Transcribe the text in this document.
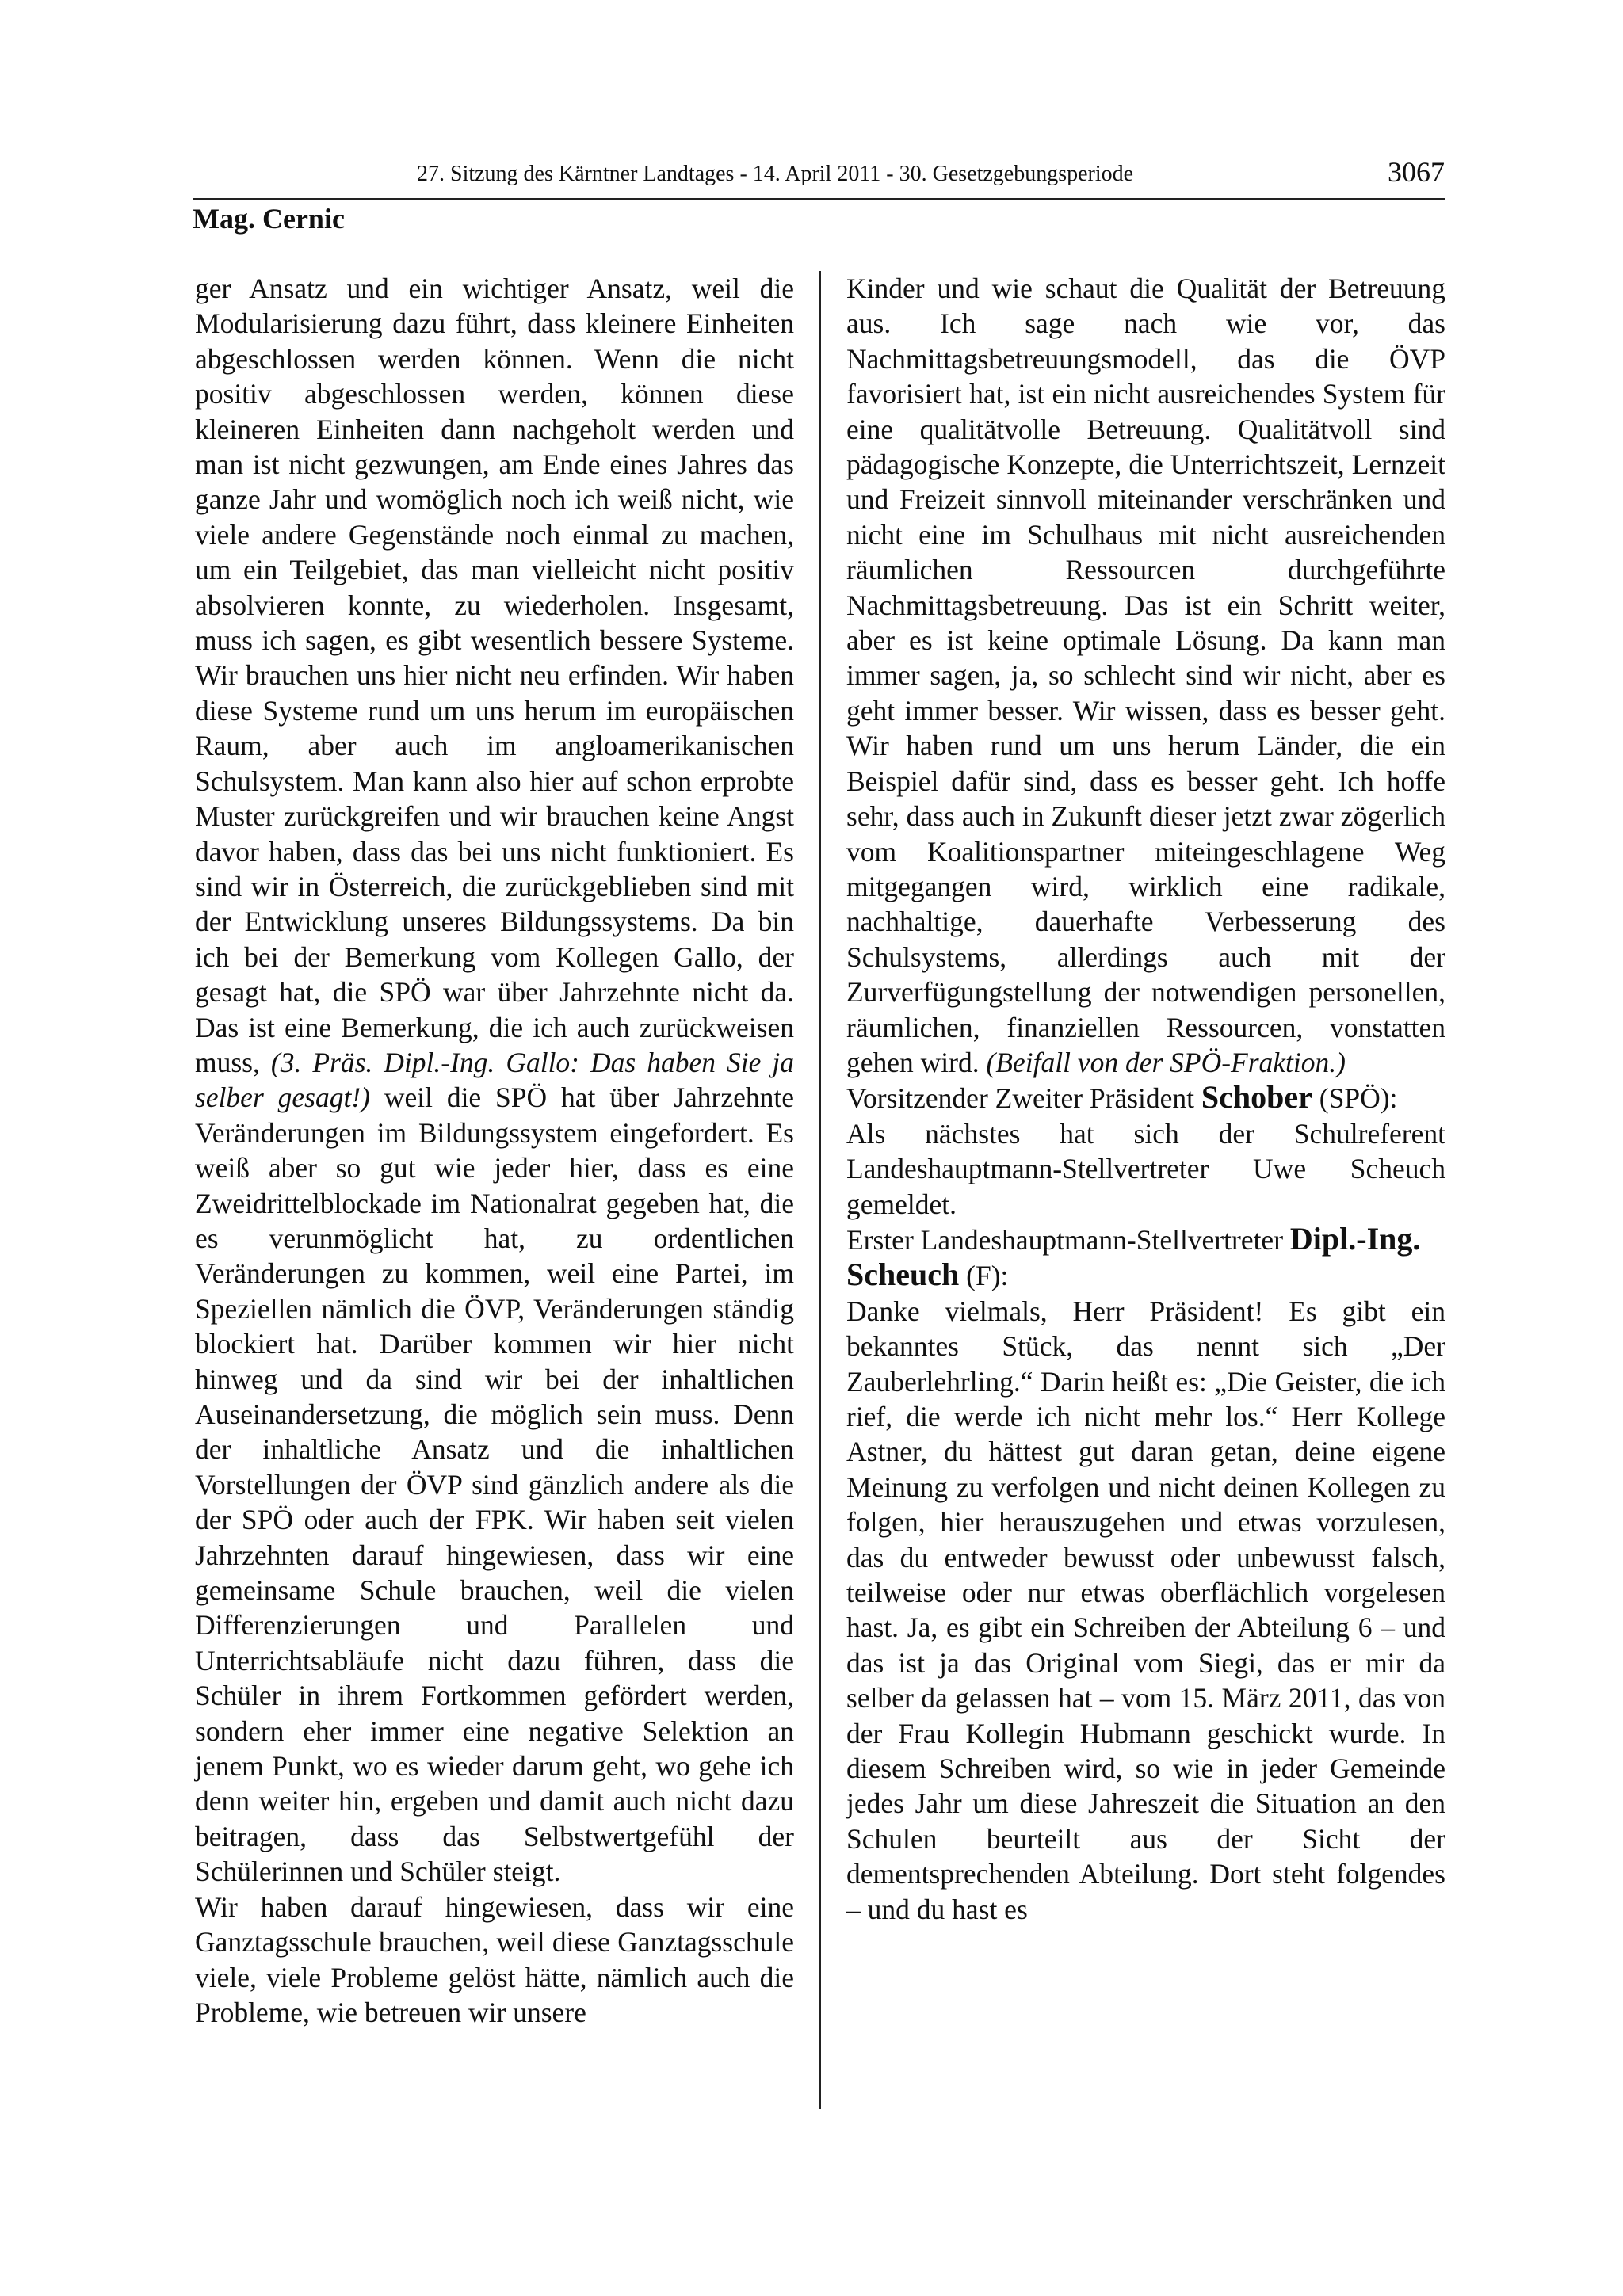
27. Sitzung des Kärntner Landtages - 14. April 2011 - 30. Gesetzgebungsperiode	3067
Mag. Cernic

ger Ansatz und ein wichtiger Ansatz, weil die Modularisierung dazu führt, dass kleinere Einheiten abgeschlossen werden können. Wenn die nicht positiv abgeschlossen werden, können diese kleineren Einheiten dann nachgeholt werden und man ist nicht gezwungen, am Ende eines Jahres das ganze Jahr und womöglich noch ich weiß nicht, wie viele andere Gegenstände noch einmal zu machen, um ein Teilgebiet, das man vielleicht nicht positiv absolvieren konnte, zu wiederholen. Insgesamt, muss ich sagen, es gibt wesentlich bessere Systeme. Wir brauchen uns hier nicht neu erfinden. Wir haben diese Systeme rund um uns herum im europäischen Raum, aber auch im angloamerikanischen Schulsystem. Man kann also hier auf schon erprobte Muster zurückgreifen und wir brauchen keine Angst davor haben, dass das bei uns nicht funktioniert. Es sind wir in Österreich, die zurückgeblieben sind mit der Entwicklung unseres Bildungssystems. Da bin ich bei der Bemerkung vom Kollegen Gallo, der gesagt hat, die SPÖ war über Jahrzehnte nicht da. Das ist eine Bemerkung, die ich auch zurückweisen muss, (3. Präs. Dipl.-Ing. Gallo: Das haben Sie ja selber gesagt!) weil die SPÖ hat über Jahrzehnte Veränderungen im Bildungssystem eingefordert. Es weiß aber so gut wie jeder hier, dass es eine Zweidrittelblockade im Nationalrat gegeben hat, die es verunmöglicht hat, zu ordentlichen Veränderungen zu kommen, weil eine Partei, im Speziellen nämlich die ÖVP, Veränderungen ständig blockiert hat. Darüber kommen wir hier nicht hinweg und da sind wir bei der inhaltlichen Auseinandersetzung, die möglich sein muss. Denn der inhaltliche Ansatz und die inhaltlichen Vorstellungen der ÖVP sind gänzlich andere als die der SPÖ oder auch der FPK. Wir haben seit vielen Jahrzehnten darauf hingewiesen, dass wir eine gemeinsame Schule brauchen, weil die vielen Differenzierungen und Parallelen und Unterrichtsabläufe nicht dazu führen, dass die Schüler in ihrem Fortkommen gefördert werden, sondern eher immer eine negative Selektion an jenem Punkt, wo es wieder darum geht, wo gehe ich denn weiter hin, ergeben und damit auch nicht dazu beitragen, dass das Selbstwertgefühl der Schülerinnen und Schüler steigt.

Wir haben darauf hingewiesen, dass wir eine Ganztagsschule brauchen, weil diese Ganztagsschule viele, viele Probleme gelöst hätte, nämlich auch die Probleme, wie betreuen wir unsere

Kinder und wie schaut die Qualität der Betreuung aus. Ich sage nach wie vor, das Nachmittagsbetreuungsmodell, das die ÖVP favorisiert hat, ist ein nicht ausreichendes System für eine qualitätvolle Betreuung. Qualitätvoll sind pädagogische Konzepte, die Unterrichtszeit, Lernzeit und Freizeit sinnvoll miteinander verschränken und nicht eine im Schulhaus mit nicht ausreichenden räumlichen Ressourcen durchgeführte Nachmittagsbetreuung. Das ist ein Schritt weiter, aber es ist keine optimale Lösung. Da kann man immer sagen, ja, so schlecht sind wir nicht, aber es geht immer besser. Wir wissen, dass es besser geht. Wir haben rund um uns herum Länder, die ein Beispiel dafür sind, dass es besser geht. Ich hoffe sehr, dass auch in Zukunft dieser jetzt zwar zögerlich vom Koalitionspartner miteingeschlagene Weg mitgegangen wird, wirklich eine radikale, nachhaltige, dauerhafte Verbesserung des Schulsystems, allerdings auch mit der Zurverfügungstellung der notwendigen personellen, räumlichen, finanziellen Ressourcen, vonstatten gehen wird. (Beifall von der SPÖ-Fraktion.)

Vorsitzender Zweiter Präsident Schober (SPÖ):

Als nächstes hat sich der Schulreferent Landeshauptmann-Stellvertreter Uwe Scheuch gemeldet.

Erster Landeshauptmann-Stellvertreter Dipl.-Ing. Scheuch (F):

Danke vielmals, Herr Präsident! Es gibt ein bekanntes Stück, das nennt sich „Der Zauberlehrling.“ Darin heißt es: „Die Geister, die ich rief, die werde ich nicht mehr los.“ Herr Kollege Astner, du hättest gut daran getan, deine eigene Meinung zu verfolgen und nicht deinen Kollegen zu folgen, hier herauszugehen und etwas vorzulesen, das du entweder bewusst oder unbewusst falsch, teilweise oder nur etwas oberflächlich vorgelesen hast. Ja, es gibt ein Schreiben der Abteilung 6 – und das ist ja das Original vom Siegi, das er mir da selber da gelassen hat – vom 15. März 2011, das von der Frau Kollegin Hubmann geschickt wurde. In diesem Schreiben wird, so wie in jeder Gemeinde jedes Jahr um diese Jahreszeit die Situation an den Schulen beurteilt aus der Sicht der dementsprechenden Abteilung. Dort steht folgendes – und du hast es
